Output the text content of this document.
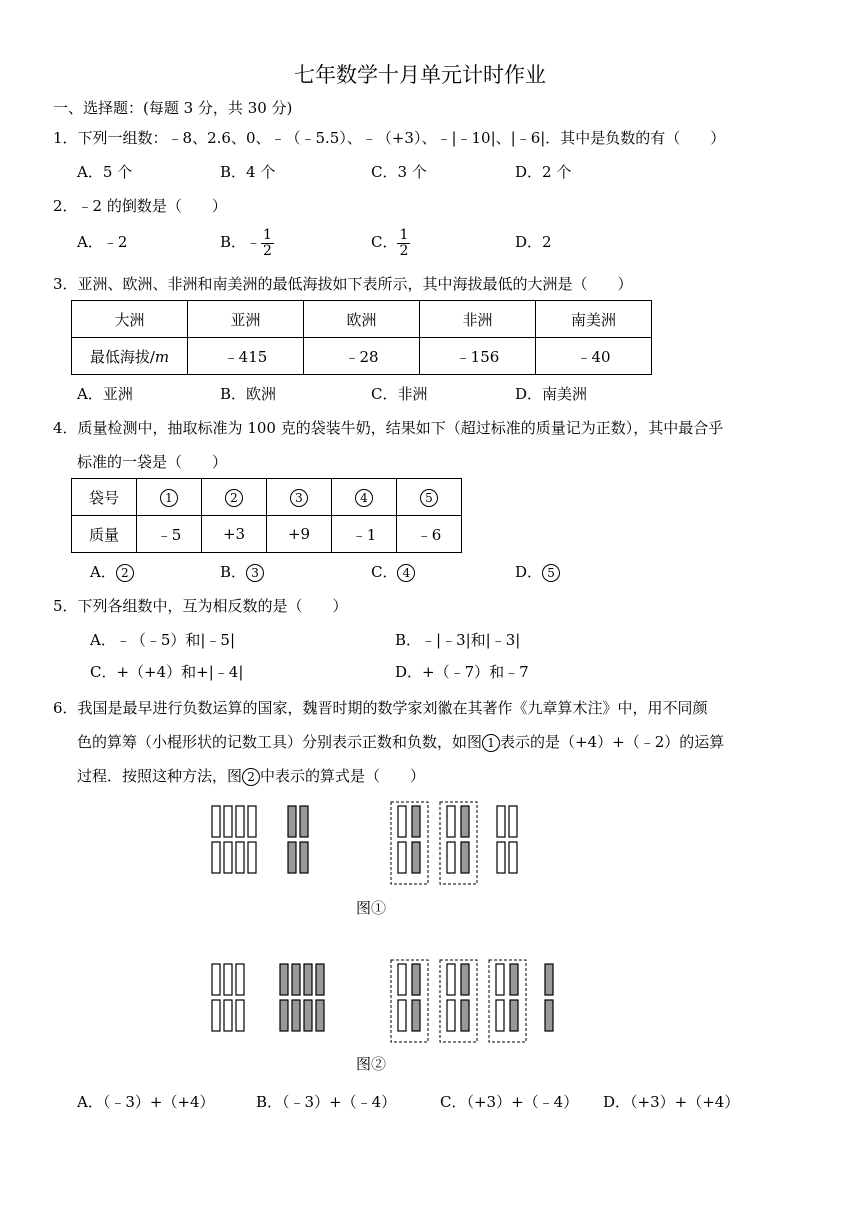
七年数学十月单元计时作业
一、选择题：(每题 3 分，共 30 分)
1．下列一组数：﹣8、2.6、0、﹣（﹣5.5）、﹣（+3）、﹣|﹣10|、|﹣6|．其中是负数的有（　　）
A．5 个	B．4 个	C．3 个	D．2 个
2．﹣2 的倒数是（　　）
A．﹣2	B．﹣ $\frac{1}{2}$	C． $\frac{1}{2}$	D．2
3．亚洲、欧洲、非洲和南美洲的最低海拔如下表所示，其中海拔最低的大洲是（　　）
大洲	亚洲	欧洲	非洲	南美洲
最低海拔/m	﹣415	﹣28	﹣156	﹣40
A．亚洲	B．欧洲	C．非洲	D．南美洲
4．质量检测中，抽取标准为 100 克的袋装牛奶，结果如下（超过标准的质量记为正数），其中最合乎
标准的一袋是（　　）
袋号	1	2	3	4	5
质量	﹣5	+3	+9	﹣1	﹣6
A． 2	B． 3	C． 4	D． 5
5．下列各组数中，互为相反数的是（　　）
A．﹣（﹣5）和|﹣5|	B．﹣|﹣3|和|﹣3|
C．+（+4）和+|﹣4|	D．+（﹣7）和﹣7
6．我国是最早进行负数运算的国家，魏晋时期的数学家刘徽在其著作《九章算术注》中，用不同颜
色的算筹（小棍形状的记数工具）分别表示正数和负数，如图 1 表示的是（+4）+（﹣2）的运算
过程．按照这种方法，图 2 中表示的算式是（　　）
图①
图②
A．（﹣3）+（+4）	B．（﹣3）+（﹣4）	C．（+3）+（﹣4） D．（+3）+（+4）
